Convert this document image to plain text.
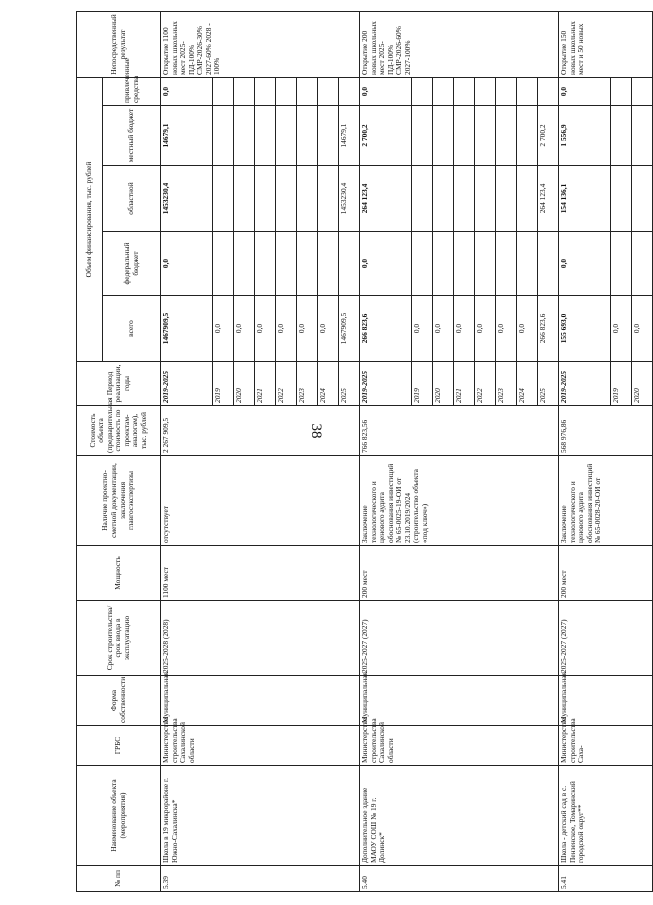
38
№ пп	Наименование объекта (мероприятия)	ГРБС	Форма собственности	Срок строительства/ срок ввода в эксплуатацию	Мощность	Наличие проектно-сметной документации, заключения главгосэкспертизы	Стоимость объекта (предварительная стоимость по проектам-аналогам), тыс. рублей	Период реализации, годы	Объем финансирования, тыс. рублей					Непосредственный результат
									всего	федеральный бюджет	областной	местный бюджет	привлеченные средства	
5.39	Школа в 19 микрорайоне г. Южно-Сахалинска*	Министерство строительства Сахалинской области	Муниципальная	2025-2028 (2028)	1100 мест	отсутствует	2 267 909,5	2019-2025	1467909,5	0,0	1453230,4	14679,1	0,0	Открытие 1100 новых школьных мест 2025-ПД-100% СМР-2026-30% 2027-60% 2028 - 100%
								2019	0,0					
								2020	0,0					
								2021	0,0					
								2022	0,0					
								2023	0,0					
								2024	0,0					
								2025	1467909,5		1453230,4	14679,1		
5.40	Дополнительное здание МАОУ СОШ № 19 г. Долинск*	Министерство строительства Сахалинской области	Муниципальная	2025-2027 (2027)	200 мест	Заключение технологического и ценового аудита обоснования инвестиций № 65-0025-19-ОИ от 23.10.2019/2024 (строительство объекта «под ключ»)	766 823,56	2019-2025	266 823,6	0,0	264 123,4	2 700,2	0,0	Открытие 200 новых школьных мест 2025-ПД-100% СМР-2026-60% 2027-100%
								2019	0,0					
								2020	0,0					
								2021	0,0					
								2022	0,0					
								2023	0,0					
								2024	0,0					
								2025	266 823,6		264 123,4	2 700,2		
5.41	Школа - детский сад в с. Пензенское, Томаринский городской округ**	Министерство строительства Саха-	Муниципальная	2025-2027 (2027)	200 мест	Заключение технологического и ценового аудита обоснования инвестиций № 65-0028-20-ОИ от	568 976,86	2019-2025	155 693,0	0,0	154 136,1	1 556,9	0,0	Открытие 150 новых школьных мест и 50 новых
								2019	0,0					
								2020	0,0					
